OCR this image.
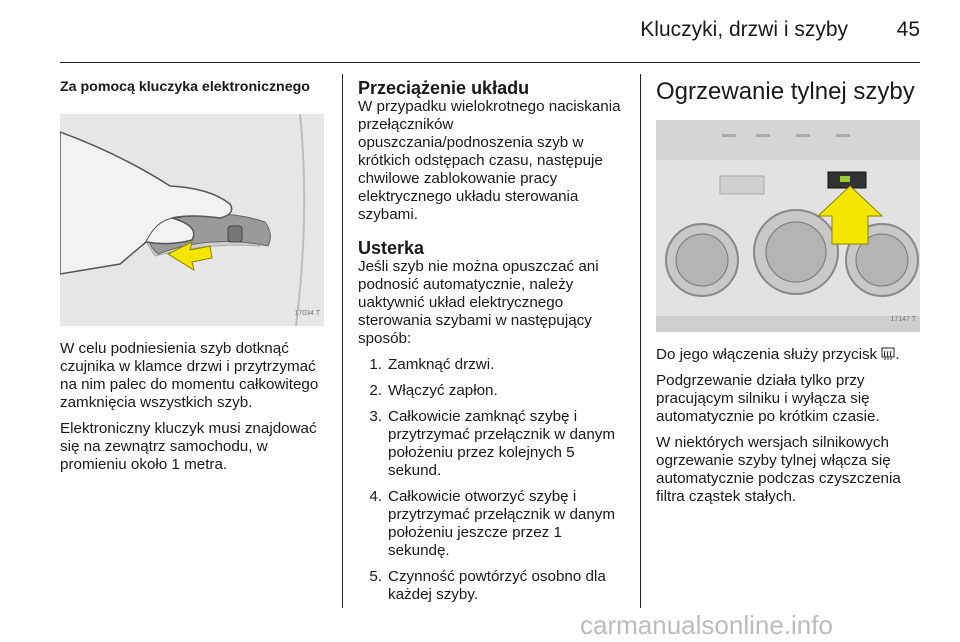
Kluczyki, drzwi i szyby 45
Za pomocą kluczyka elektronicznego
17034 T

W celu podniesienia szyb dotknąć czujnika w klamce drzwi i przytrzymać na nim palec do momentu całkowitego zamknięcia wszystkich szyb.

Elektroniczny kluczyk musi znajdować się na zewnątrz samochodu, w promieniu około 1 metra.

Przeciążenie układu

W przypadku wielokrotnego naciskania przełączników opuszczania/podnoszenia szyb w krótkich odstępach czasu, następuje chwilowe zablokowanie pracy elektrycznego układu sterowania szybami.

Usterka

Jeśli szyb nie można opuszczać ani podnosić automatycznie, należy uaktywnić układ elektrycznego sterowania szybami w następujący sposób:

1. Zamknąć drzwi.
2. Włączyć zapłon.
3. Całkowicie zamknąć szybę i przytrzymać przełącznik w danym położeniu przez kolejnych 5 sekund.
4. Całkowicie otworzyć szybę i przytrzymać przełącznik w danym położeniu jeszcze przez 1 sekundę.
5. Czynność powtórzyć osobno dla każdej szyby.
Ogrzewanie tylnej szyby
17147 T

Do jego włączenia służy przycisk .

Podgrzewanie działa tylko przy pracującym silniku i wyłącza się automatycznie po krótkim czasie.

W niektórych wersjach silnikowych ogrzewanie szyby tylnej włącza się automatycznie podczas czyszczenia filtra cząstek stałych.

carmanualsonline.info
